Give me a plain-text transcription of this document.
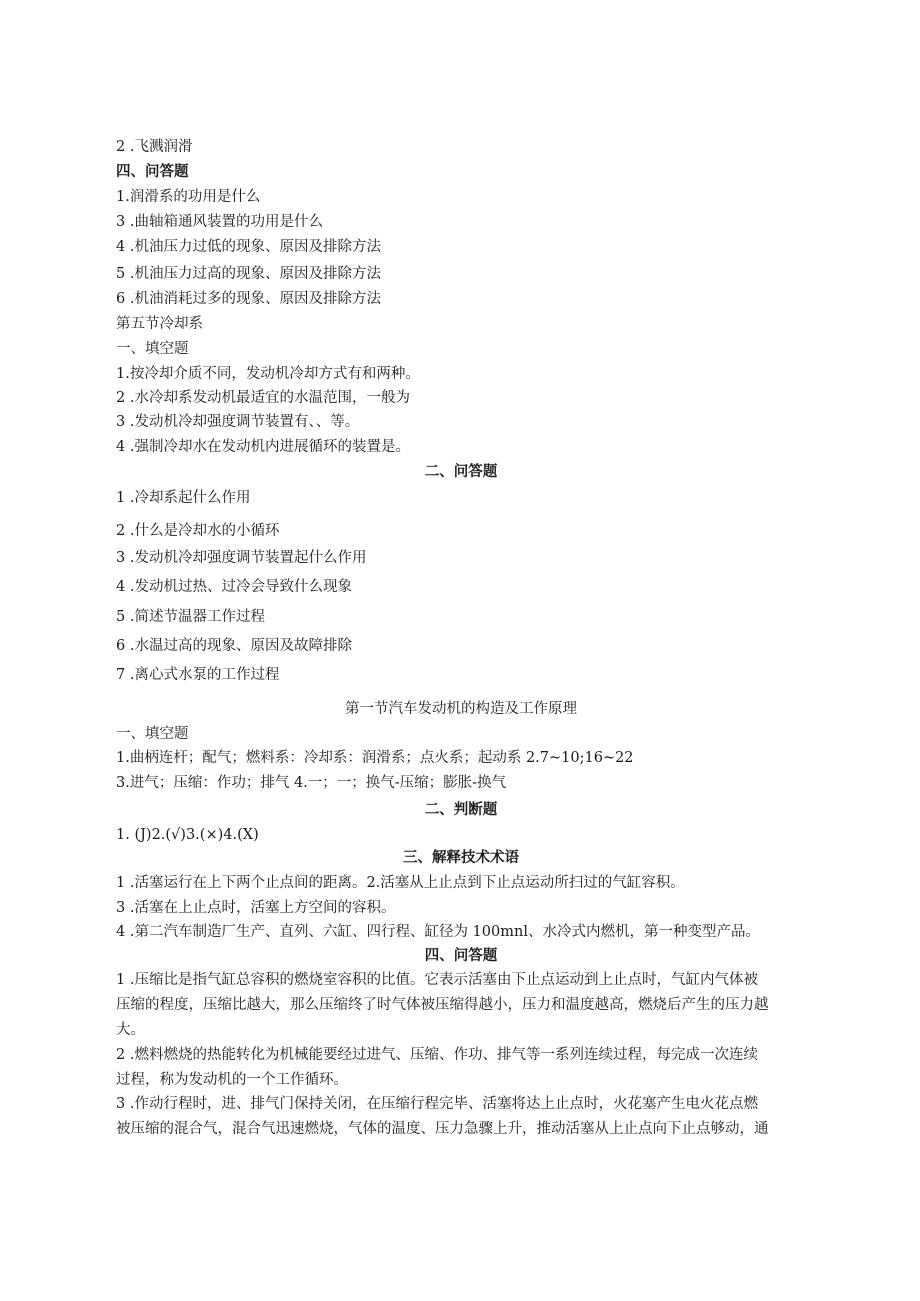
2 .飞溅润滑
四、问答题
1.润滑系的功用是什么
3 .曲轴箱通风装置的功用是什么
4 .机油压力过低的现象、原因及排除方法
5 .机油压力过高的现象、原因及排除方法
6 .机油消耗过多的现象、原因及排除方法
第五节冷却系
一、填空题
1.按冷却介质不同，发动机冷却方式有和两种。
2 .水冷却系发动机最适宜的水温范围，一般为
3 .发动机冷却强度调节装置有、、等。
4 .强制冷却水在发动机内进展循环的装置是。
二、问答题
1 .冷却系起什么作用
2 .什么是冷却水的小循环
3 .发动机冷却强度调节装置起什么作用
4 .发动机过热、过冷会导致什么现象
5 .简述节温器工作过程
6 .水温过高的现象、原因及故障排除
7 .离心式水泵的工作过程
第一节汽车发动机的构造及工作原理
一、填空题
1.曲柄连杆；配气；燃料系：冷却系：润滑系；点火系；起动系 2.7~10;16~22
3.进气；压缩：作功；排气 4.一；一；换气-压缩；膨胀-换气
二、判断题
1. (J)2.(√)3.(×)4.(X)
三、解释技术术语
1 .活塞运行在上下两个止点间的距离。2.活塞从上止点到下止点运动所扫过的气缸容积。
3 .活塞在上止点时，活塞上方空间的容积。
4 .第二汽车制造厂生产、直列、六缸、四行程、缸径为 100mnl、水冷式内燃机，第一种变型产品。
四、问答题
1 .压缩比是指气缸总容积的燃烧室容积的比值。它表示活塞由下止点运动到上止点时，气缸内气体被
压缩的程度，压缩比越大，那么压缩终了时气体被压缩得越小，压力和温度越高，燃烧后产生的压力越
大。
2 .燃料燃烧的热能转化为机械能要经过进气、压缩、作功、排气等一系列连续过程，每完成一次连续
过程，称为发动机的一个工作循环。
3 .作动行程时，进、排气门保持关闭，在压缩行程完毕、活塞将达上止点时，火花塞产生电火花点燃
被压缩的混合气，混合气迅速燃烧，气体的温度、压力急骤上升，推动活塞从上止点向下止点够动，通
